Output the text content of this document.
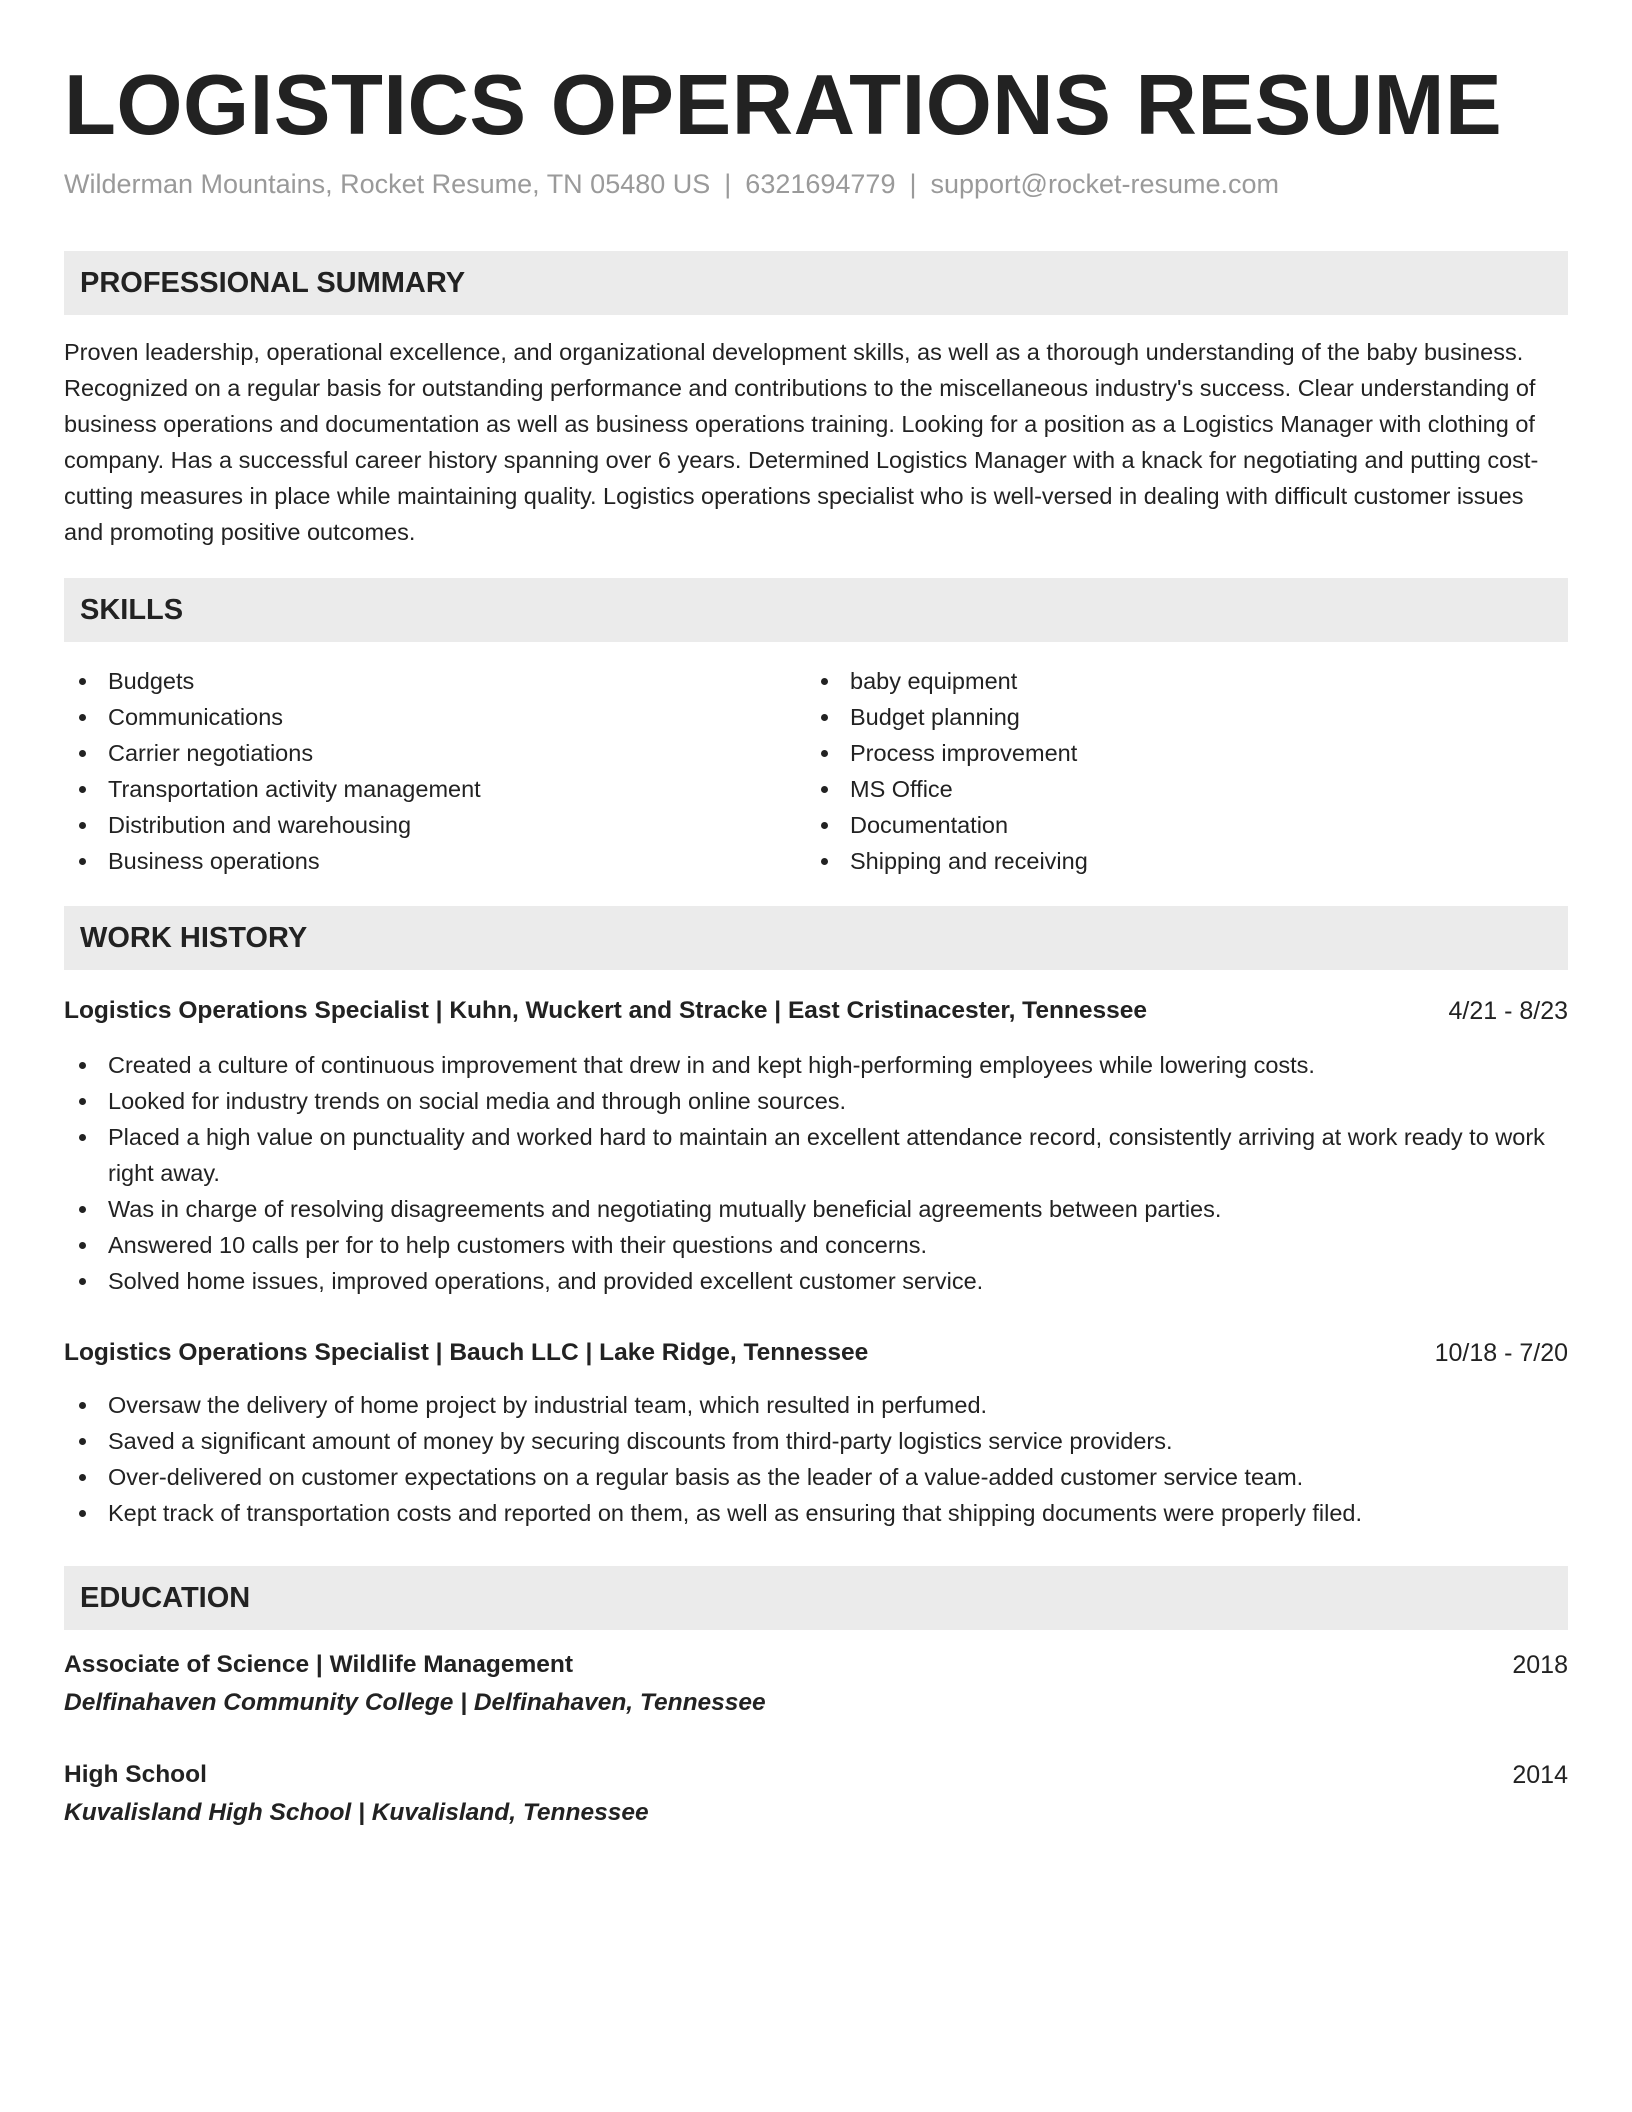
LOGISTICS OPERATIONS RESUME
Wilderman Mountains, Rocket Resume, TN 05480 US | 6321694779 | support@rocket-resume.com
PROFESSIONAL SUMMARY

Proven leadership, operational excellence, and organizational development skills, as well as a thorough understanding of the baby business. Recognized on a regular basis for outstanding performance and contributions to the miscellaneous industry's success. Clear understanding of business operations and documentation as well as business operations training. Looking for a position as a Logistics Manager with clothing of company. Has a successful career history spanning over 6 years. Determined Logistics Manager with a knack for negotiating and putting cost-cutting measures in place while maintaining quality. Logistics operations specialist who is well-versed in dealing with difficult customer issues and promoting positive outcomes.

SKILLS
Budgets
Communications
Carrier negotiations
Transportation activity management
Distribution and warehousing
Business operations
baby equipment
Budget planning
Process improvement
MS Office
Documentation
Shipping and receiving
WORK HISTORY
Logistics Operations Specialist | Kuhn, Wuckert and Stracke | East Cristinacester, Tennessee	4/21 - 8/23
Created a culture of continuous improvement that drew in and kept high-performing employees while lowering costs.
Looked for industry trends on social media and through online sources.
Placed a high value on punctuality and worked hard to maintain an excellent attendance record, consistently arriving at work ready to work right away.
Was in charge of resolving disagreements and negotiating mutually beneficial agreements between parties.
Answered 10 calls per for to help customers with their questions and concerns.
Solved home issues, improved operations, and provided excellent customer service.
Logistics Operations Specialist | Bauch LLC | Lake Ridge, Tennessee	10/18 - 7/20
Oversaw the delivery of home project by industrial team, which resulted in perfumed.
Saved a significant amount of money by securing discounts from third-party logistics service providers.
Over-delivered on customer expectations on a regular basis as the leader of a value-added customer service team.
Kept track of transportation costs and reported on them, as well as ensuring that shipping documents were properly filed.
EDUCATION
Associate of Science | Wildlife Management	2018
Delfinahaven Community College | Delfinahaven, Tennessee
High School	2014
Kuvalisland High School | Kuvalisland, Tennessee
